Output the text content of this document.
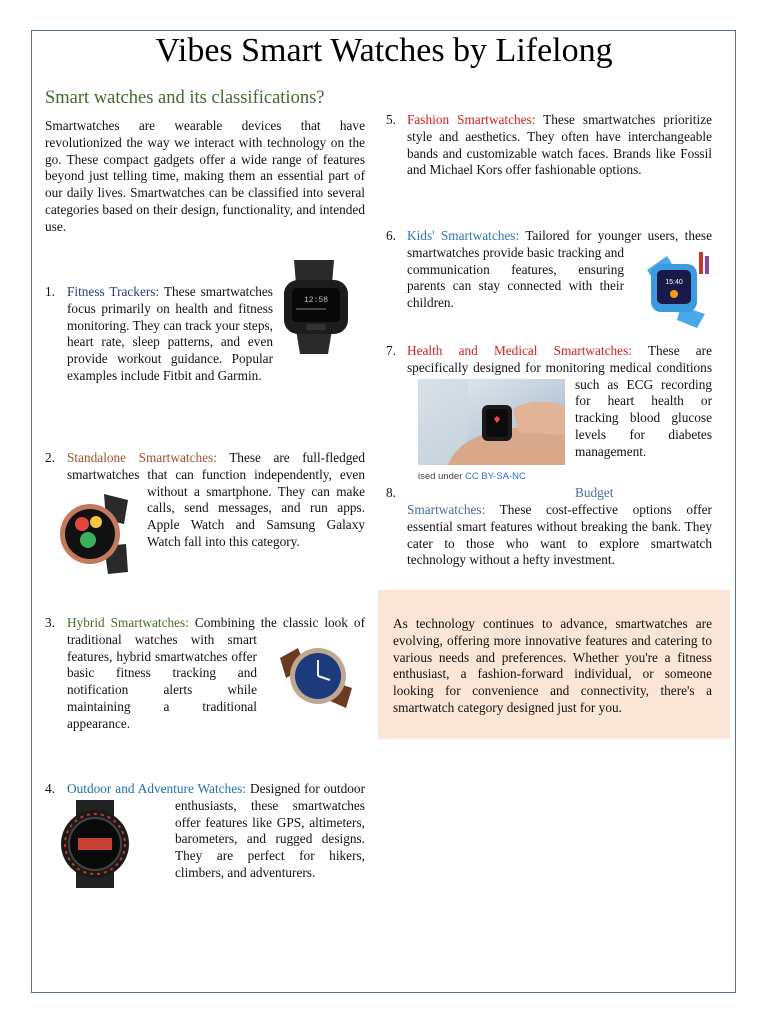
Vibes Smart Watches by Lifelong
Smart watches and its classifications?
Smartwatches are wearable devices that have revolutionized the way we interact with technology on the go. These compact gadgets offer a wide range of features beyond just telling time, making them an essential part of our daily lives. Smartwatches can be classified into several categories based on their design, functionality, and intended use.
1.
12:58
2.
3.
4.
5. Fashion Smartwatches: These smartwatches prioritize style and aesthetics. They often have interchangeable bands and customizable watch faces. Brands like Fossil and Michael Kors offer fashionable options.
6.
15:40
7.
ised under CC BY-SA-NC
8.	Budget
Smartwatches: These cost-effective options offer essential smart features without breaking the bank. They cater to those who want to explore smartwatch technology without a hefty investment.
As technology continues to advance, smartwatches are evolving, offering more innovative features and catering to various needs and preferences. Whether you're a fitness enthusiast, a fashion-forward individual, or someone looking for convenience and connectivity, there's a smartwatch category designed just for you.
Fitness Trackers: These smartwatches focus primarily on health and fitness monitoring. They can track your steps, heart rate, sleep patterns, and even provide workout guidance. Popular examples include Fitbit and Garmin.
Standalone Smartwatches: These are full-fledged smartwatches that can function independently, even without a smartphone. They can make calls, send messages, and run apps. Apple Watch and Samsung Galaxy Watch fall into this category.
Hybrid Smartwatches: Combining the classic look of traditional watches with smart features, hybrid smartwatches offer basic fitness tracking and notification alerts while maintaining a traditional appearance.
Outdoor and Adventure Watches: Designed for outdoor enthusiasts, these smartwatches offer features like GPS, altimeters, barometers, and rugged designs. They are perfect for hikers, climbers, and adventurers.
Kids' Smartwatches: Tailored for younger users, these smartwatches provide basic tracking and communication features, ensuring parents can stay connected with their children.
Health and Medical Smartwatches: These are specifically designed for monitoring medical conditions such as ECG recording for heart health or tracking blood glucose levels for diabetes management.
